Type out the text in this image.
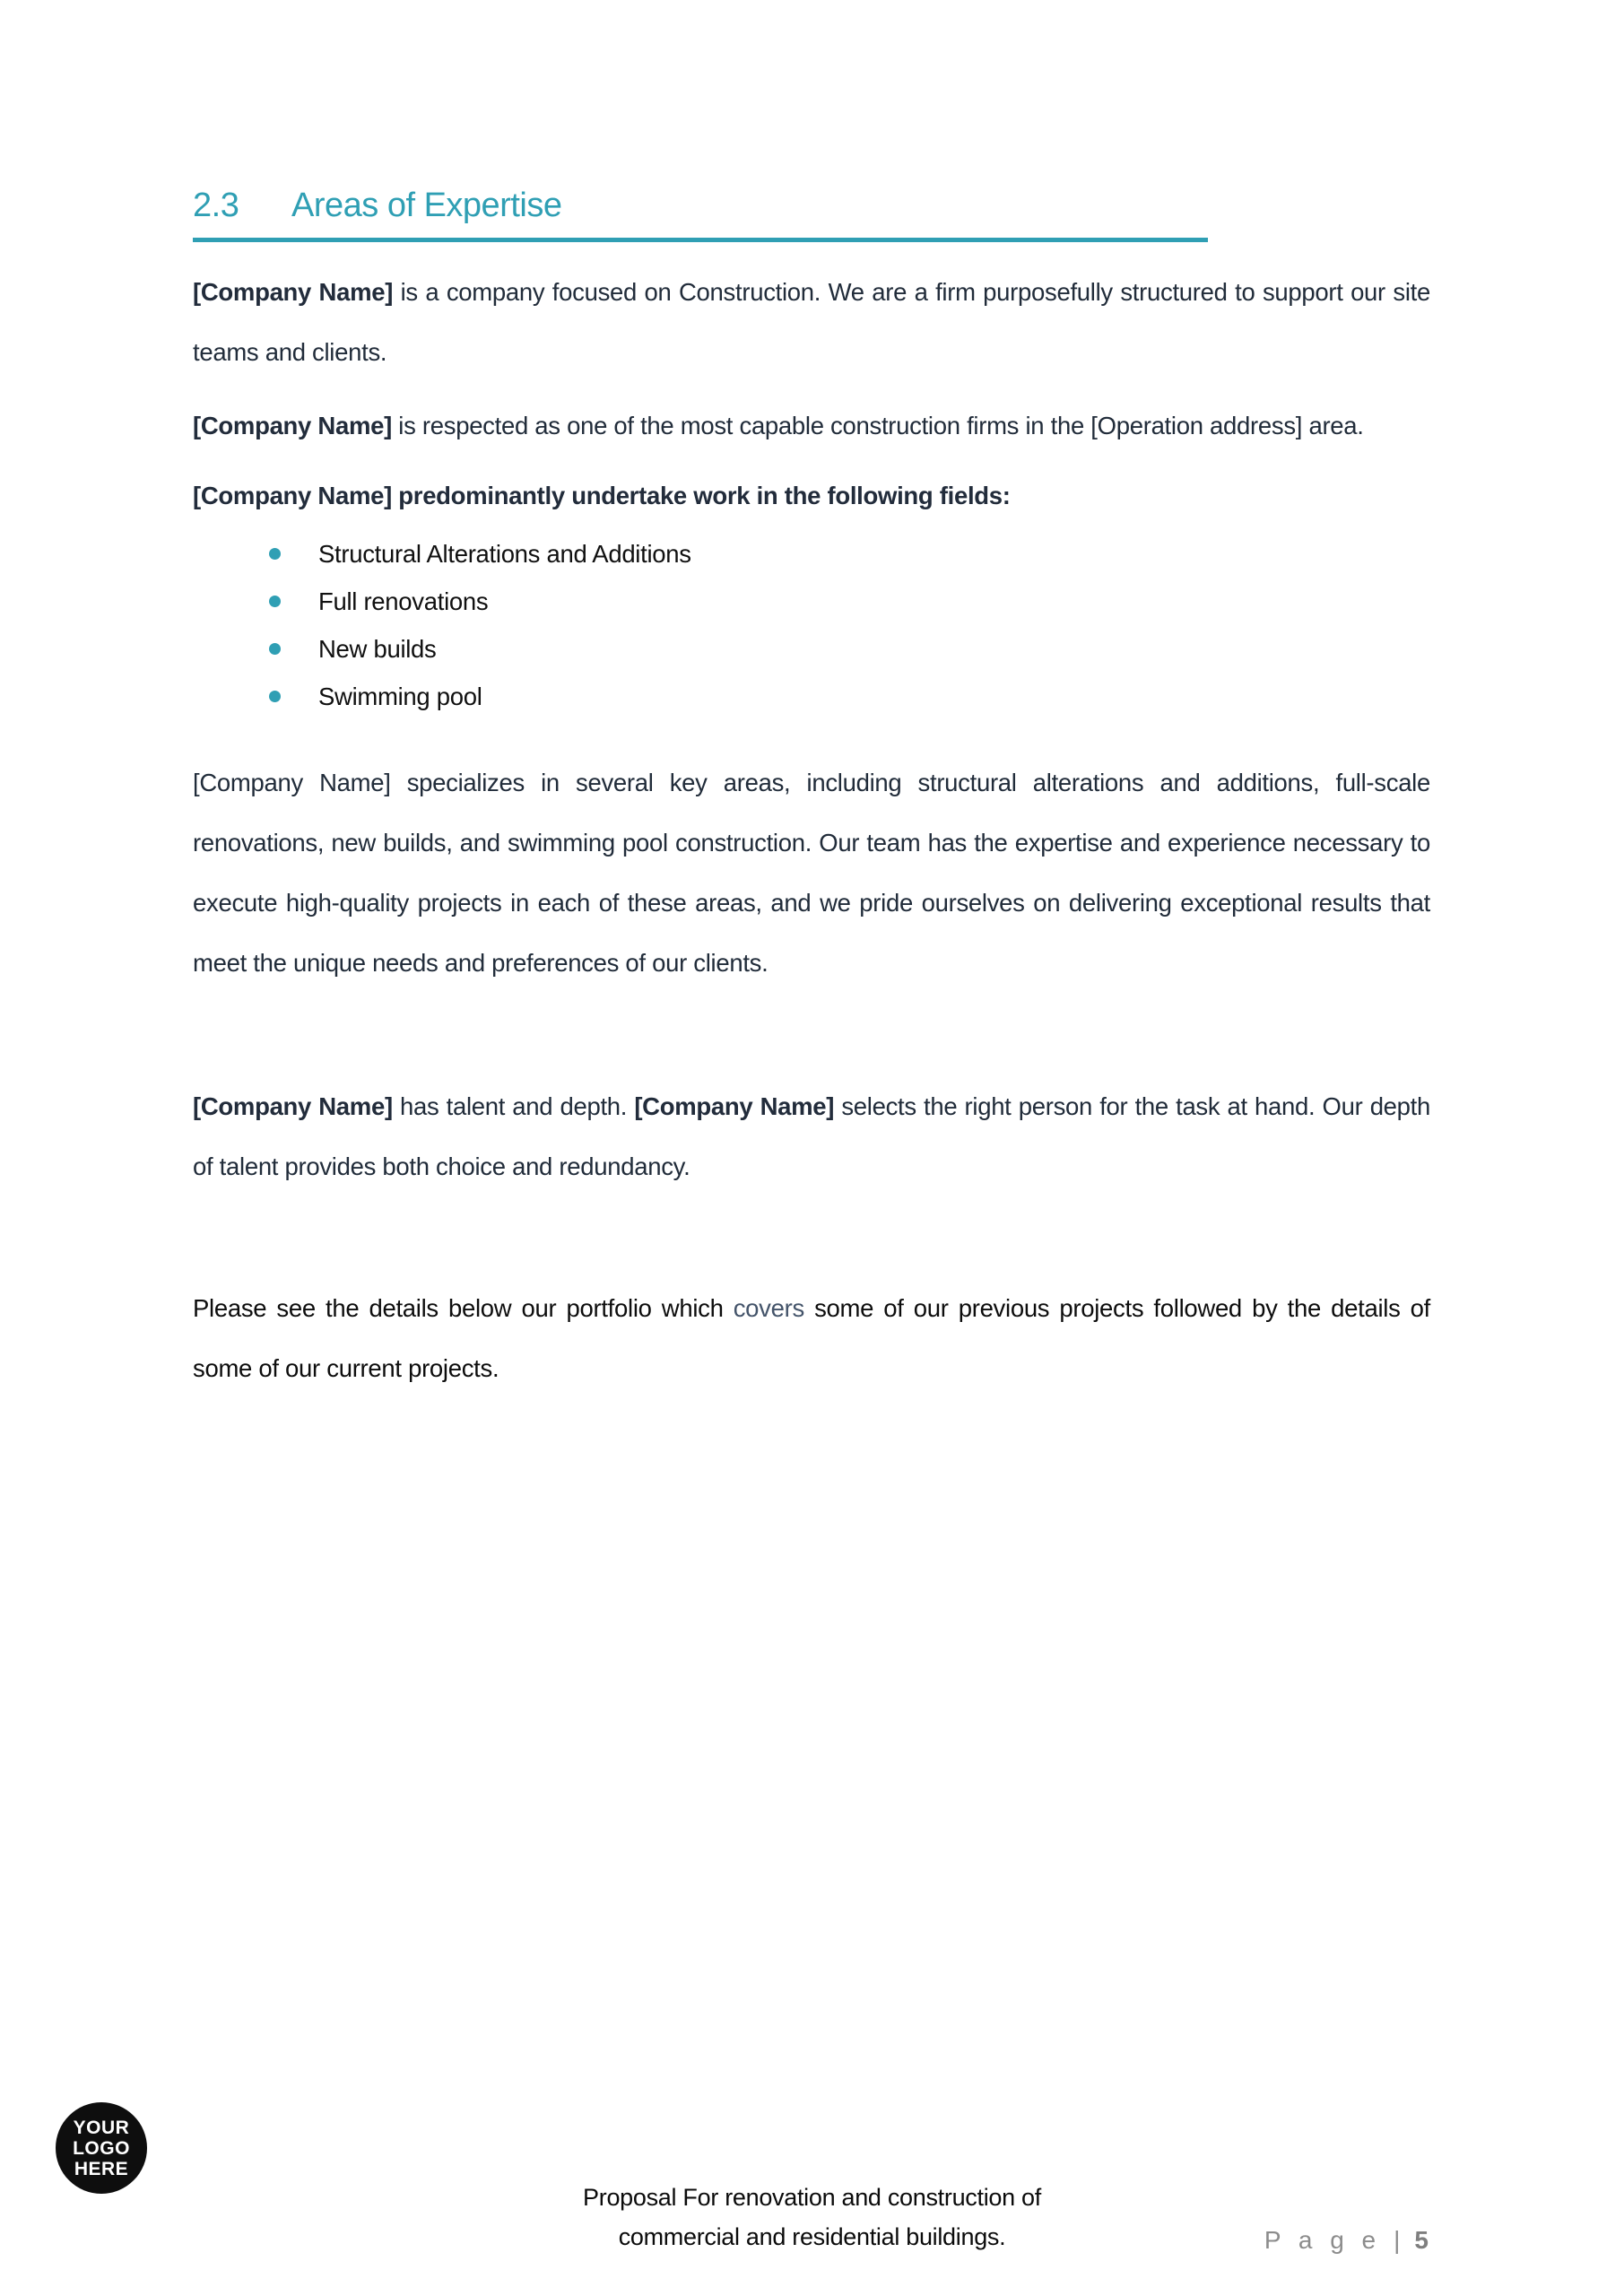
2.3	Areas of Expertise

[Company Name] is a company focused on Construction. We are a firm purposefully structured to support our site teams and clients.

[Company Name] is respected as one of the most capable construction firms in the [Operation address] area.

[Company Name] predominantly undertake work in the following fields:

Structural Alterations and Additions
Full renovations
New builds
Swimming pool

[Company Name] specializes in several key areas, including structural alterations and additions, full-scale renovations, new builds, and swimming pool construction. Our team has the expertise and experience necessary to execute high-quality projects in each of these areas, and we pride ourselves on delivering exceptional results that meet the unique needs and preferences of our clients.

[Company Name] has talent and depth. [Company Name] selects the right person for the task at hand. Our depth of talent provides both choice and redundancy.

Please see the details below our portfolio which covers some of our previous projects followed by the details of some of our current projects.

YOUR
LOGO
HERE
Proposal For renovation and construction of
commercial and residential buildings.	P a g e | 5
